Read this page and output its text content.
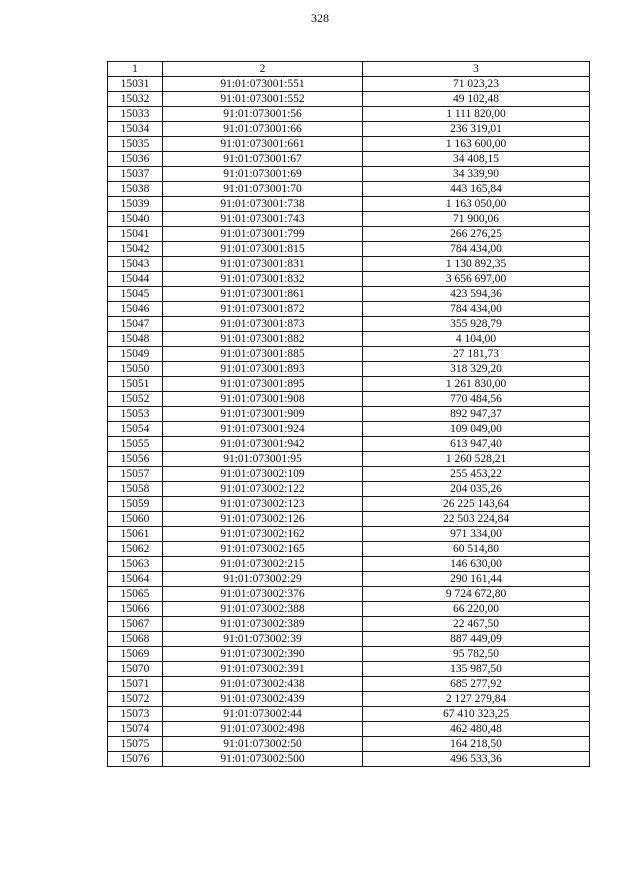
328
1	2	3
15031	91:01:073001:551	71 023,23
15032	91:01:073001:552	49 102,48
15033	91:01:073001:56	1 111 820,00
15034	91:01:073001:66	236 319,01
15035	91:01:073001:661	1 163 600,00
15036	91:01:073001:67	34 408,15
15037	91:01:073001:69	34 339,90
15038	91:01:073001:70	443 165,84
15039	91:01:073001:738	1 163 050,00
15040	91:01:073001:743	71 900,06
15041	91:01:073001:799	266 276,25
15042	91:01:073001:815	784 434,00
15043	91:01:073001:831	1 130 892,35
15044	91:01:073001:832	3 656 697,00
15045	91:01:073001:861	423 594,36
15046	91:01:073001:872	784 434,00
15047	91:01:073001:873	355 928,79
15048	91:01:073001:882	4 104,00
15049	91:01:073001:885	27 181,73
15050	91:01:073001:893	318 329,20
15051	91:01:073001:895	1 261 830,00
15052	91:01:073001:908	770 484,56
15053	91:01:073001:909	892 947,37
15054	91:01:073001:924	109 049,00
15055	91:01:073001:942	613 947,40
15056	91:01:073001:95	1 260 528,21
15057	91:01:073002:109	255 453,22
15058	91:01:073002:122	204 035,26
15059	91:01:073002:123	26 225 143,64
15060	91:01:073002:126	22 503 224,84
15061	91:01:073002:162	971 334,00
15062	91:01:073002:165	60 514,80
15063	91:01:073002:215	146 630,00
15064	91:01:073002:29	290 161,44
15065	91:01:073002:376	9 724 672,80
15066	91:01:073002:388	66 220,00
15067	91:01:073002:389	22 467,50
15068	91:01:073002:39	887 449,09
15069	91:01:073002:390	95 782,50
15070	91:01:073002:391	135 987,50
15071	91:01:073002:438	685 277,92
15072	91:01:073002:439	2 127 279,84
15073	91:01:073002:44	67 410 323,25
15074	91:01:073002:498	462 480,48
15075	91:01:073002:50	164 218,50
15076	91:01:073002:500	496 533,36
